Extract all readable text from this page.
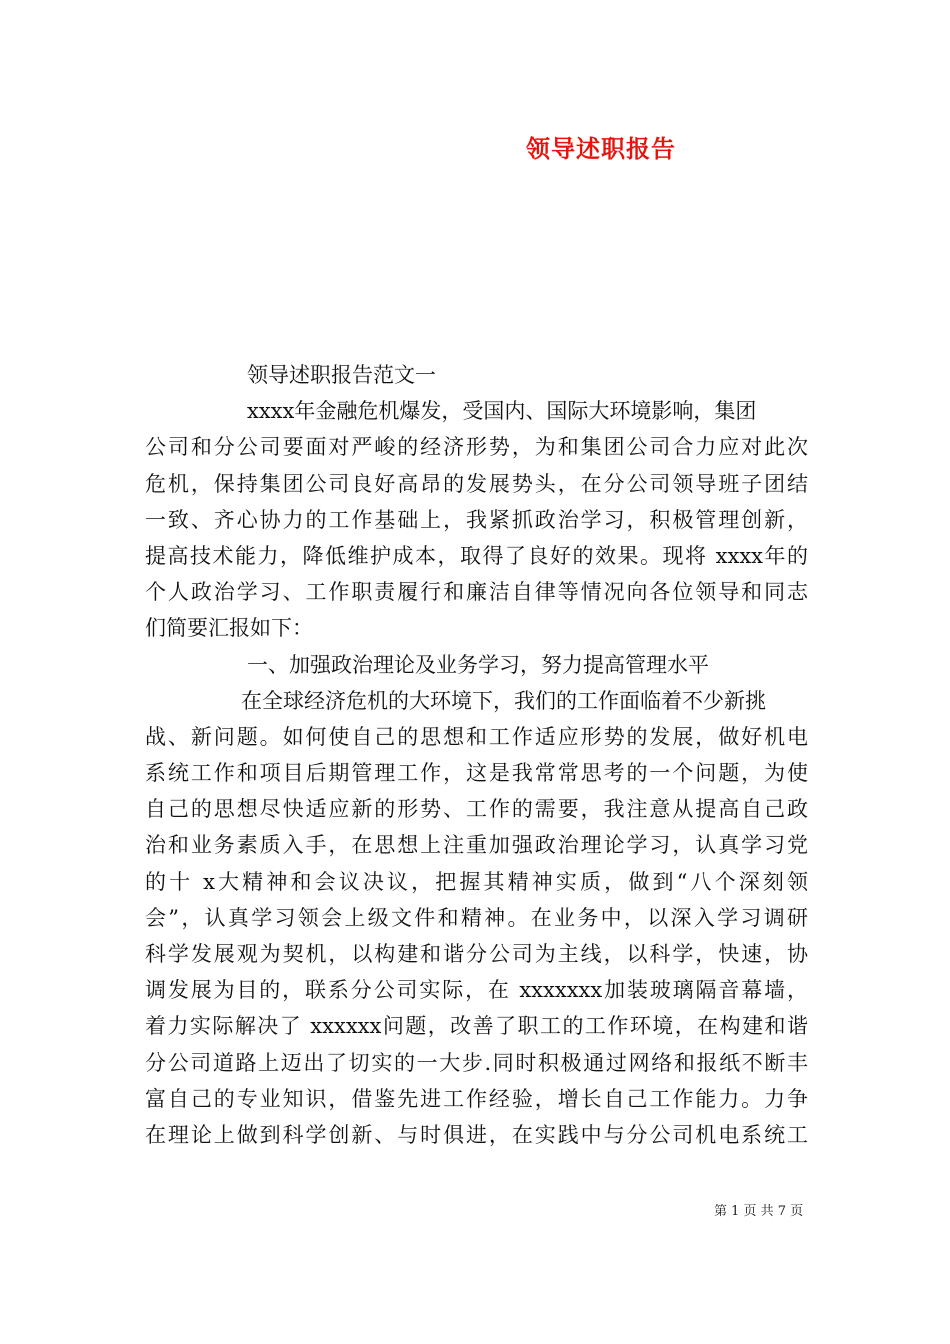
领导述职报告
领导述职报告范文一
xxxx年金融危机爆发，受国内、国际大环境影响，集团
公司和分公司要面对严峻的经济形势，为和集团公司合力应对此次
危机，保持集团公司良好高昂的发展势头，在分公司领导班子团结
一致、齐心协力的工作基础上，我紧抓政治学习，积极管理创新，
提高技术能力，降低维护成本，取得了良好的效果。现将 xxxx年的
个人政治学习、工作职责履行和廉洁自律等情况向各位领导和同志
们简要汇报如下：
一、加强政治理论及业务学习，努力提高管理水平
在全球经济危机的大环境下，我们的工作面临着不少新挑
战、新问题。如何使自己的思想和工作适应形势的发展，做好机电
系统工作和项目后期管理工作，这是我常常思考的一个问题，为使
自己的思想尽快适应新的形势、工作的需要，我注意从提高自己政
治和业务素质入手，在思想上注重加强政治理论学习，认真学习党
的十 x大精神和会议决议，把握其精神实质，做到“八个深刻领
会”，认真学习领会上级文件和精神。在业务中，以深入学习调研
科学发展观为契机，以构建和谐分公司为主线，以科学，快速，协
调发展为目的，联系分公司实际，在 xxxxxxx加装玻璃隔音幕墙，
着力实际解决了 xxxxxx问题，改善了职工的工作环境，在构建和谐
分公司道路上迈出了切实的一大步.同时积极通过网络和报纸不断丰
富自己的专业知识，借鉴先进工作经验，增长自己工作能力。力争
在理论上做到科学创新、与时俱进，在实践中与分公司机电系统工
第 1 页 共 7 页
